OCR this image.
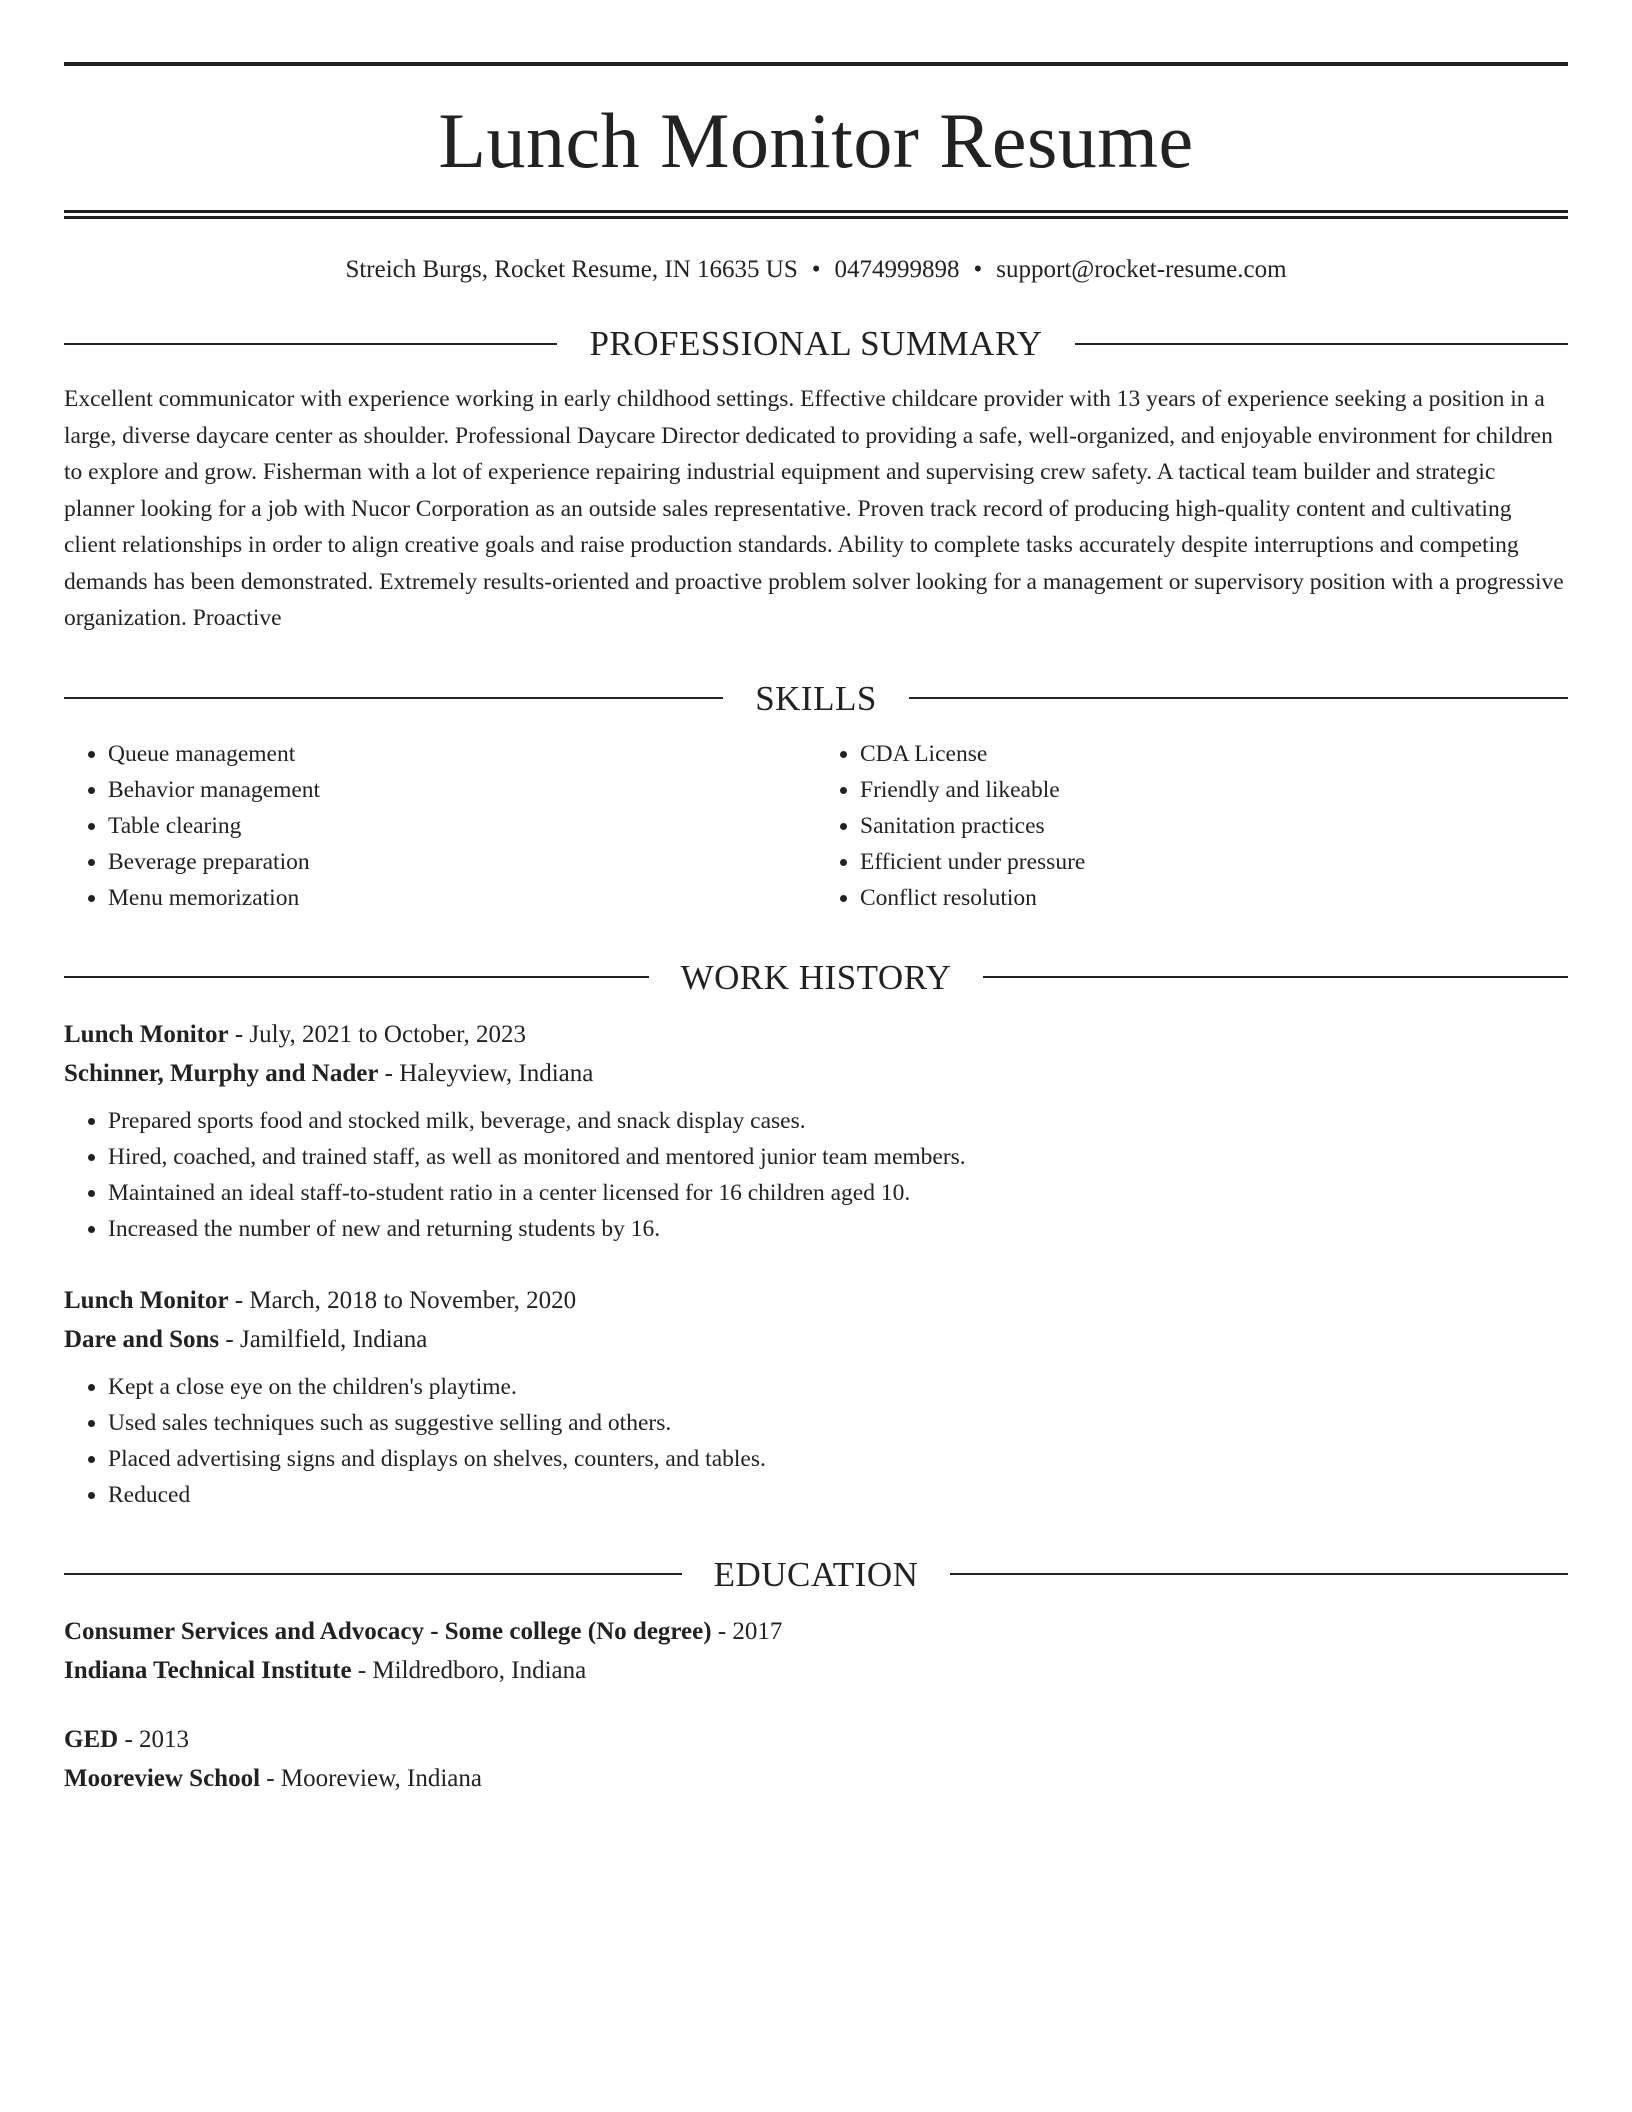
Lunch Monitor Resume
Streich Burgs, Rocket Resume, IN 16635 US • 0474999898 • support@rocket-resume.com
PROFESSIONAL SUMMARY
Excellent communicator with experience working in early childhood settings. Effective childcare provider with 13 years of experience seeking a position in a large, diverse daycare center as shoulder. Professional Daycare Director dedicated to providing a safe, well-organized, and enjoyable environment for children to explore and grow. Fisherman with a lot of experience repairing industrial equipment and supervising crew safety. A tactical team builder and strategic planner looking for a job with Nucor Corporation as an outside sales representative. Proven track record of producing high-quality content and cultivating client relationships in order to align creative goals and raise production standards. Ability to complete tasks accurately despite interruptions and competing demands has been demonstrated. Extremely results-oriented and proactive problem solver looking for a management or supervisory position with a progressive organization. Proactive
SKILLS
• Queue management
• Behavior management
• Table clearing
• Beverage preparation
• Menu memorization
• CDA License
• Friendly and likeable
• Sanitation practices
• Efficient under pressure
• Conflict resolution
WORK HISTORY
Lunch Monitor - July, 2021 to October, 2023
Schinner, Murphy and Nader - Haleyview, Indiana
• Prepared sports food and stocked milk, beverage, and snack display cases.
• Hired, coached, and trained staff, as well as monitored and mentored junior team members.
• Maintained an ideal staff-to-student ratio in a center licensed for 16 children aged 10.
• Increased the number of new and returning students by 16.
Lunch Monitor - March, 2018 to November, 2020
Dare and Sons - Jamilfield, Indiana
• Kept a close eye on the children's playtime.
• Used sales techniques such as suggestive selling and others.
• Placed advertising signs and displays on shelves, counters, and tables.
• Reduced
EDUCATION
Consumer Services and Advocacy - Some college (No degree) - 2017
Indiana Technical Institute - Mildredboro, Indiana
GED - 2013
Mooreview School - Mooreview, Indiana
